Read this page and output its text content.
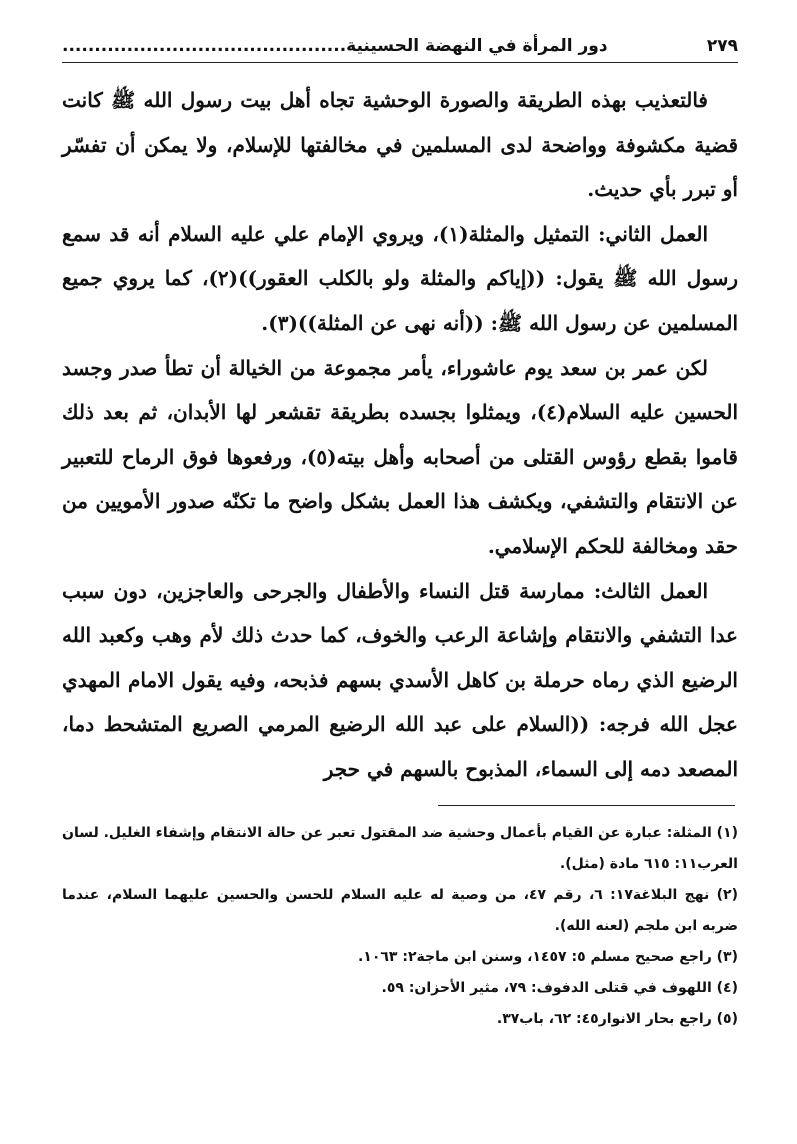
٢٧٩
دور المرأة في النهضة الحسينية............................................

فالتعذيب بهذه الطريقة والصورة الوحشية تجاه أهل بيت رسول الله ﷺ كانت قضية مكشوفة وواضحة لدى المسلمين في مخالفتها للإسلام، ولا يمكن أن تفسّر أو تبرر بأي حديث.

العمل الثاني: التمثيل والمثلة(١)، ويروي الإمام علي عليه السلام أنه قد سمع رسول الله ﷺ يقول: ((إياكم والمثلة ولو بالكلب العقور))(٢)، كما يروي جميع المسلمين عن رسول الله ﷺ: ((أنه نهى عن المثلة))(٣).

لكن عمر بن سعد يوم عاشوراء، يأمر مجموعة من الخيالة أن تطأ صدر وجسد الحسين عليه السلام(٤)، ويمثلوا بجسده بطريقة تقشعر لها الأبدان، ثم بعد ذلك قاموا بقطع رؤوس القتلى من أصحابه وأهل بيته(٥)، ورفعوها فوق الرماح للتعبير عن الانتقام والتشفي، ويكشف هذا العمل بشكل واضح ما تكنّه صدور الأمويين من حقد ومخالفة للحكم الإسلامي.

العمل الثالث: ممارسة قتل النساء والأطفال والجرحى والعاجزين، دون سبب عدا التشفي والانتقام وإشاعة الرعب والخوف، كما حدث ذلك لأم وهب وكعبد الله الرضيع الذي رماه حرملة بن كاهل الأسدي بسهم فذبحه، وفيه يقول الامام المهدي عجل الله فرجه: ((السلام على عبد الله الرضيع المرمي الصريع المتشحط دما، المصعد دمه إلى السماء، المذبوح بالسهم في حجر

(١) المثلة: عبارة عن القيام بأعمال وحشية ضد المقتول تعبر عن حالة الانتقام وإشفاء الغليل. لسان العرب١١: ٦١٥ مادة (مثل).

(٢) نهج البلاغة١٧: ٦، رقم ٤٧، من وصية له عليه السلام للحسن والحسين عليهما السلام، عندما ضربه ابن ملجم (لعنه الله).

(٣) راجع صحيح مسلم ٥: ١٤٥٧، وسنن ابن ماجة٢: ١٠٦٣.

(٤) اللهوف في قتلى الدفوف: ٧٩، مثير الأحزان: ٥٩.

(٥) راجع بحار الانوار٤٥: ٦٢، باب٣٧.
